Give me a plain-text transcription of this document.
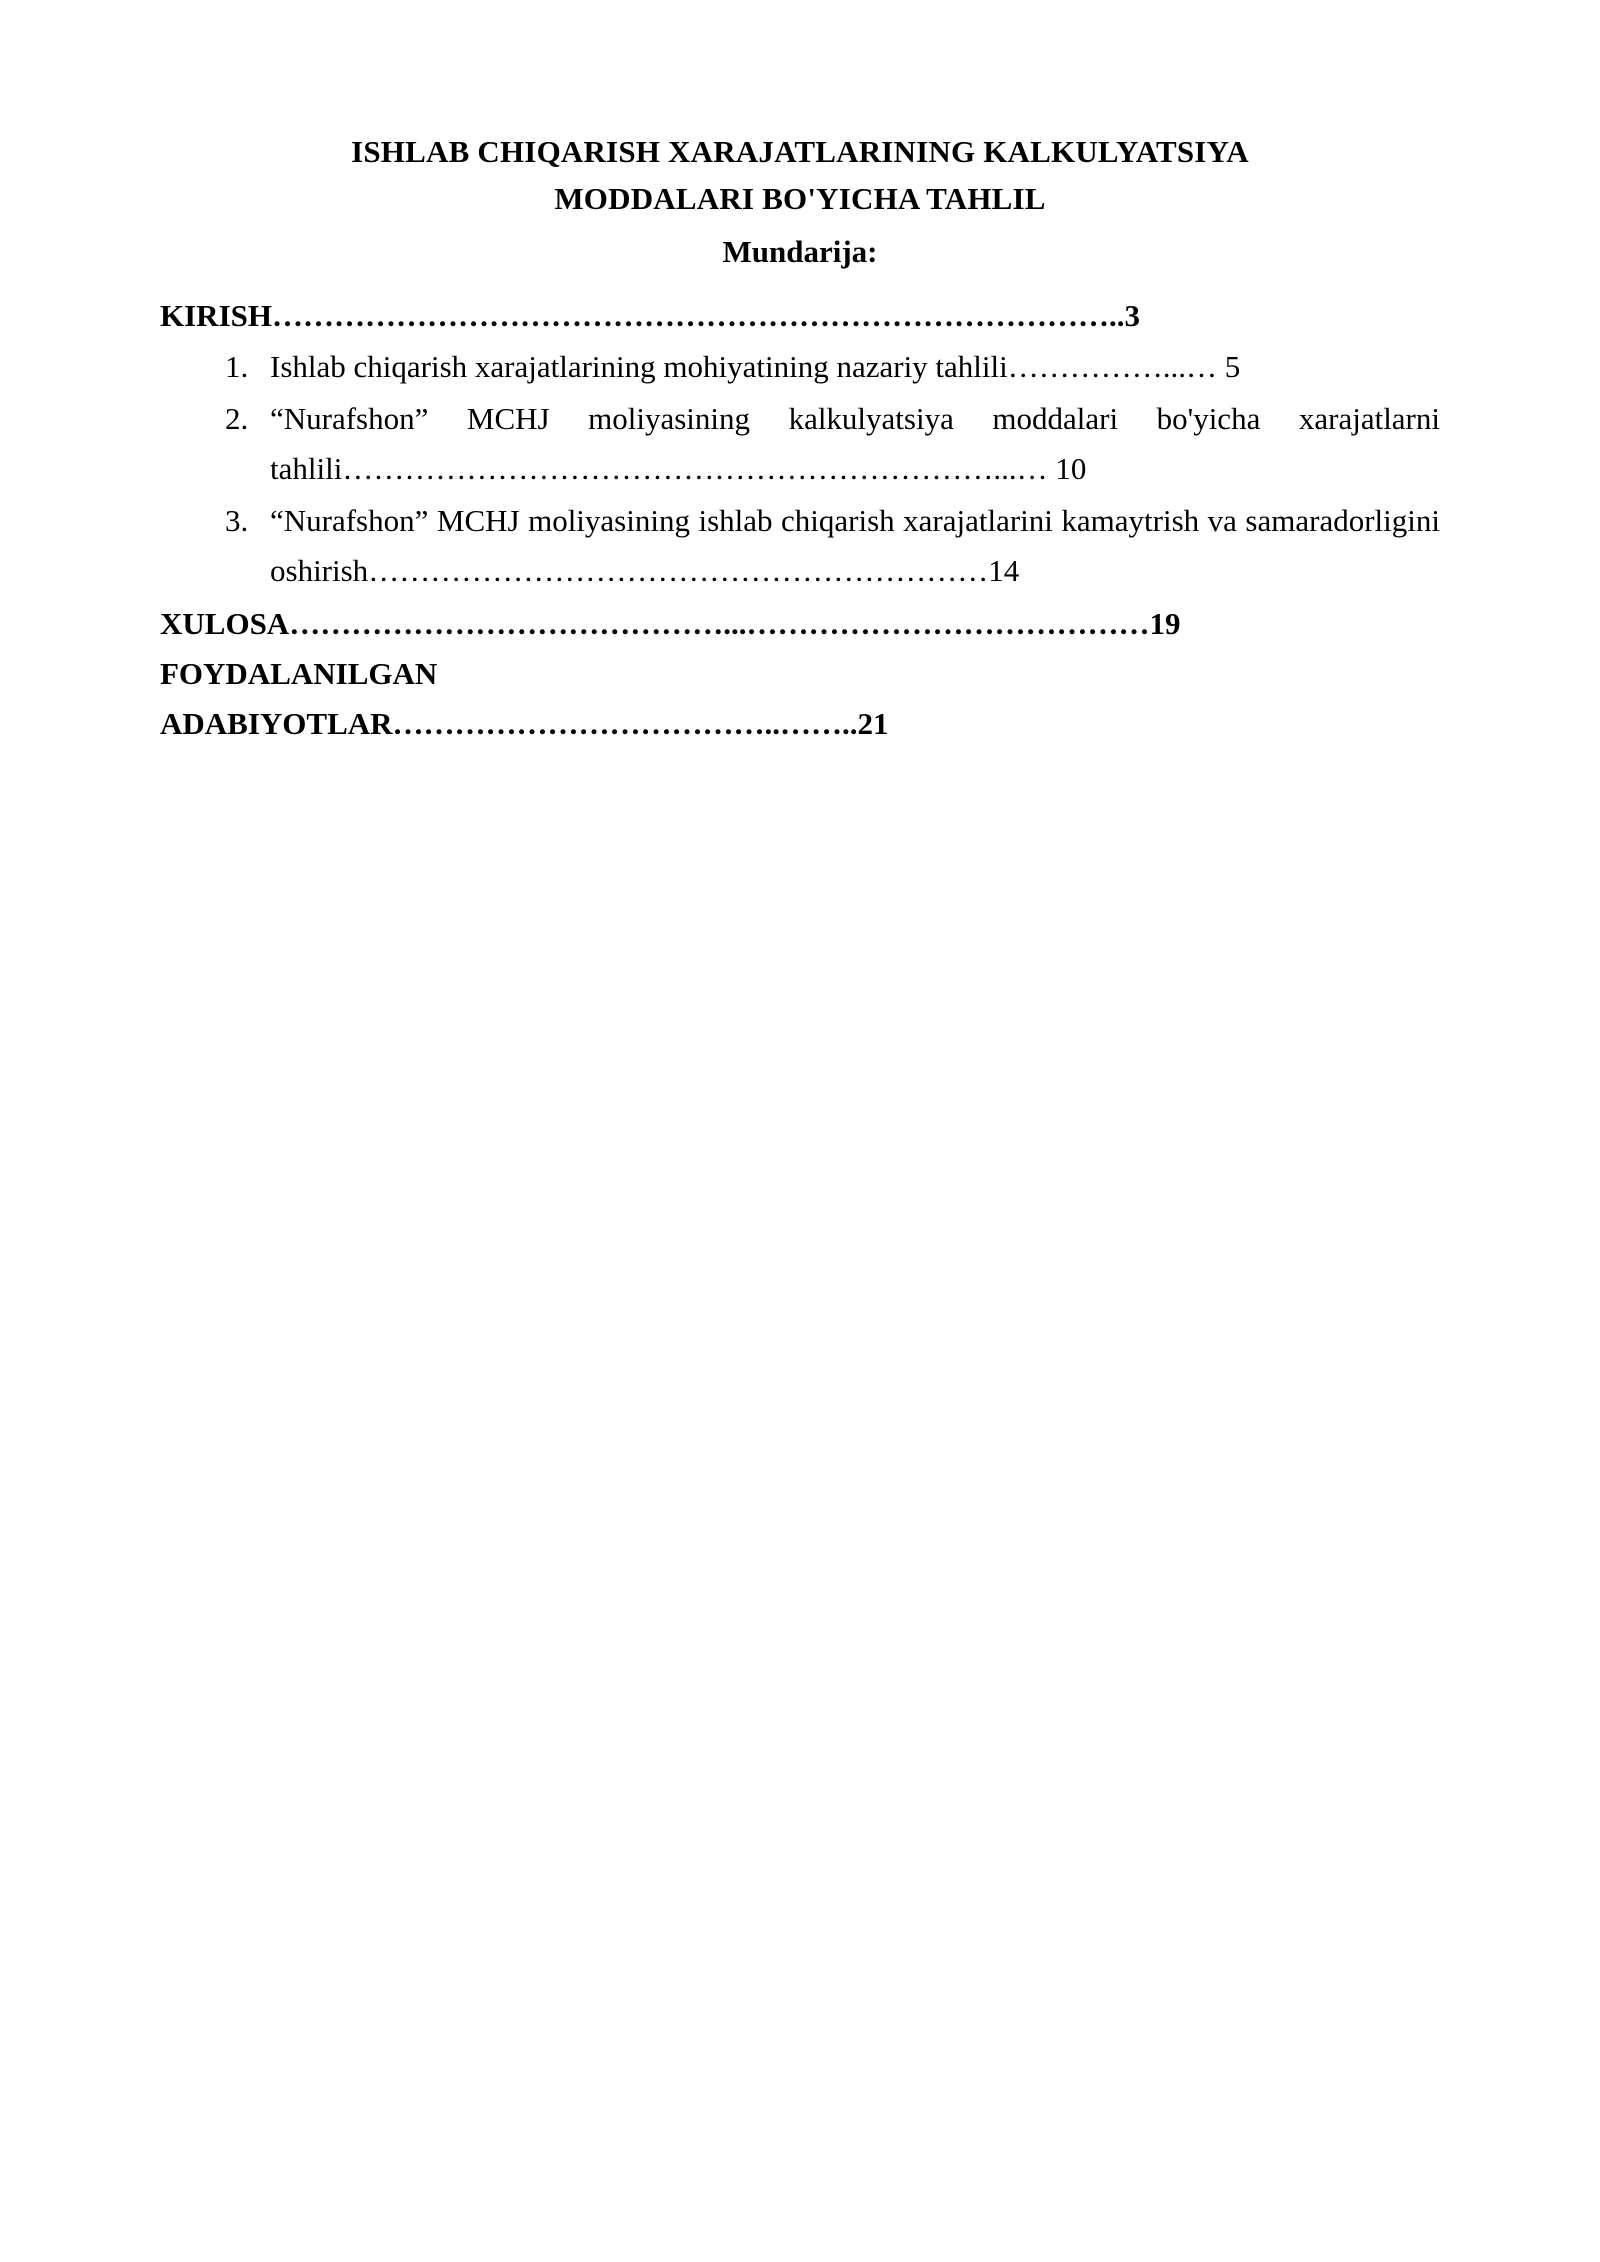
ISHLAB CHIQARISH XARAJATLARINING KALKULYATSIYA
MODDALARI BO'YICHA TAHLIL
Mundarija:
KIRISH………………………………………………………………………..3
1. Ishlab chiqarish xarajatlarining mohiyatining nazariy tahlili……………...… 5
2. “Nurafshon” MCHJ moliyasining kalkulyatsiya moddalari bo'yicha xarajatlarni tahlili………………………………………………………...… 10
3. “Nurafshon” MCHJ moliyasining ishlab chiqarish xarajatlarini kamaytrish va samaradorligini oshirish……………………………………………………14
XULOSA……………………………………...…………………………………19
FOYDALANILGAN
ADABIYOTLAR………………………………..……..21
